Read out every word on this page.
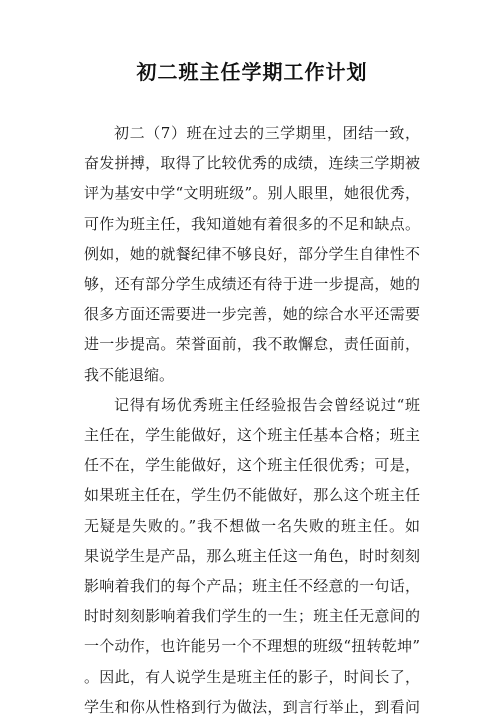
初二班主任学期工作计划
初二（7）班在过去的三学期里，团结一致，
奋发拼搏，取得了比较优秀的成绩，连续三学期被
评为基安中学“文明班级”。别人眼里，她很优秀，
可作为班主任，我知道她有着很多的不足和缺点。
例如，她的就餐纪律不够良好，部分学生自律性不
够，还有部分学生成绩还有待于进一步提高，她的
很多方面还需要进一步完善，她的综合水平还需要
进一步提高。荣誉面前，我不敢懈怠，责任面前，
我不能退缩。
记得有场优秀班主任经验报告会曾经说过“班
主任在，学生能做好，这个班主任基本合格；班主
任不在，学生能做好，这个班主任很优秀；可是，
如果班主任在，学生仍不能做好，那么这个班主任
无疑是失败的。”我不想做一名失败的班主任。如
果说学生是产品，那么班主任这一角色，时时刻刻
影响着我们的每个产品；班主任不经意的一句话，
时时刻刻影响着我们学生的一生；班主任无意间的
一个动作，也许能另一个不理想的班级“扭转乾坤”
。因此，有人说学生是班主任的影子，时间长了，
学生和你从性格到行为做法，到言行举止，到看问
